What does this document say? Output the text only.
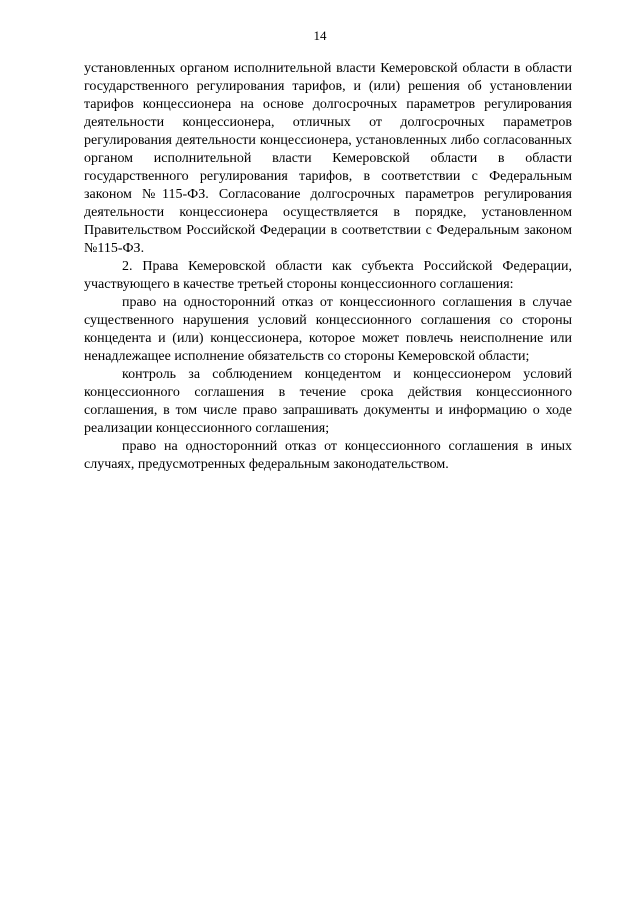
14

установленных органом исполнительной власти Кемеровской области в области государственного регулирования тарифов, и (или) решения об установлении тарифов концессионера на основе долгосрочных параметров регулирования деятельности концессионера, отличных от долгосрочных параметров регулирования деятельности концессионера, установленных либо согласованных органом исполнительной власти Кемеровской области в области государственного регулирования тарифов, в соответствии с Федеральным законом №115-ФЗ. Согласование долгосрочных параметров регулирования деятельности концессионера осуществляется в порядке, установленном Правительством Российской Федерации в соответствии с Федеральным законом №115-ФЗ.

2. Права Кемеровской области как субъекта Российской Федерации, участвующего в качестве третьей стороны концессионного соглашения:

право на односторонний отказ от концессионного соглашения в случае существенного нарушения условий концессионного соглашения со стороны концедента и (или) концессионера, которое может повлечь неисполнение или ненадлежащее исполнение обязательств со стороны Кемеровской области;

контроль за соблюдением концедентом и концессионером условий концессионного соглашения в течение срока действия концессионного соглашения, в том числе право запрашивать документы и информацию о ходе реализации концессионного соглашения;

право на односторонний отказ от концессионного соглашения в иных случаях, предусмотренных федеральным законодательством.
